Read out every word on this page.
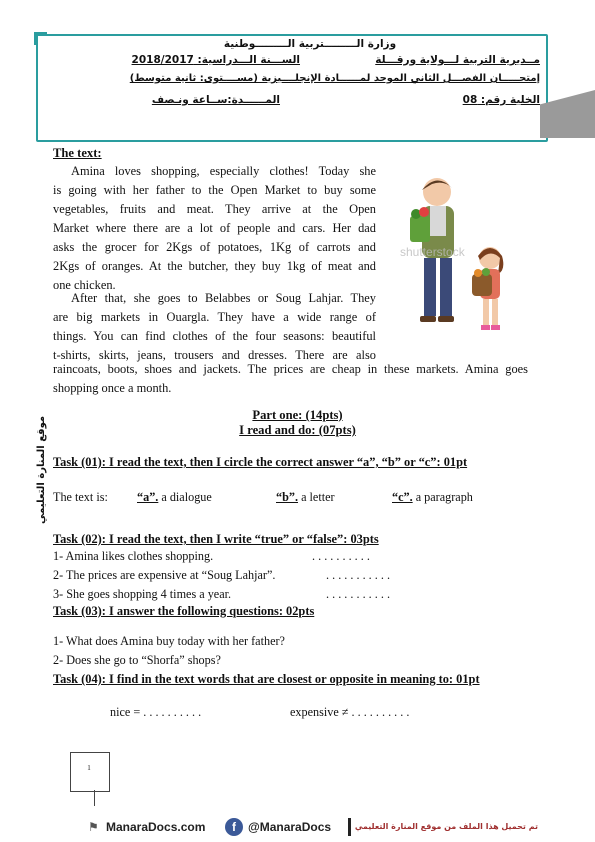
وزارة الـــــــــتربية الـــــــــوطنية
مــديرية التربية لـــولاية ورقـــلة
الســـنة الـــدراسية: 2018/2017
إمتحـــــان الفصـــل الثاني الموحد لمــــــادة الإنجلــــيزية (مســــتوى: ثانية متوسط)
الخلية رقم: 08
المــــــدة:ســاعة ونـصف
The text:
Amina loves shopping, especially clothes! Today she
is going with her father to the Open Market to buy some
vegetables, fruits and meat. They arrive at the Open
Market where there are a lot of people and cars. Her dad
asks the grocer for 2Kgs of potatoes, 1Kg of carrots and
2Kgs of oranges. At the butcher, they buy 1kg of meat and
one chicken.
After that, she goes to Belabbes or Soug Lahjar. They
are big markets in Ouargla. They have a wide range of
things. You can find clothes of the four seasons: beautiful
t-shirts, skirts, jeans, trousers and dresses. There are also
raincoats, boots, shoes and jackets. The prices are cheap in these markets. Amina goes
shopping once a month.
shutterstock
موقع المنارة التعليمي
Part one: (14pts)
I read and do: (07pts)
Task (01): I read the text, then I circle the correct answer “a”, “b” or “c”: 01pt
The text is: “a”. a dialogue	“b”. a letter	“c”. a paragraph
Task (02): I read the text, then I write “true” or “false”: 03pts
1- Amina likes clothes shopping.	. . . . . . . . . .
2- The prices are expensive at “Soug Lahjar”.	. . . . . . . . . . .
3- She goes shopping 4 times a year.	. . . . . . . . . . .
Task (03): I answer the following questions: 02pts
1- What does Amina buy today with her father?
2- Does she go to “Shorfa” shops?
Task (04): I find in the text words that are closest or opposite in meaning to: 01pt
nice = . . . . . . . . . .	expensive ≠ . . . . . . . . . .
1
⚑ ManaraDocs.com	f	@ManaraDocs	تم تحميل هذا الملف من موقع المنارة التعليمي
